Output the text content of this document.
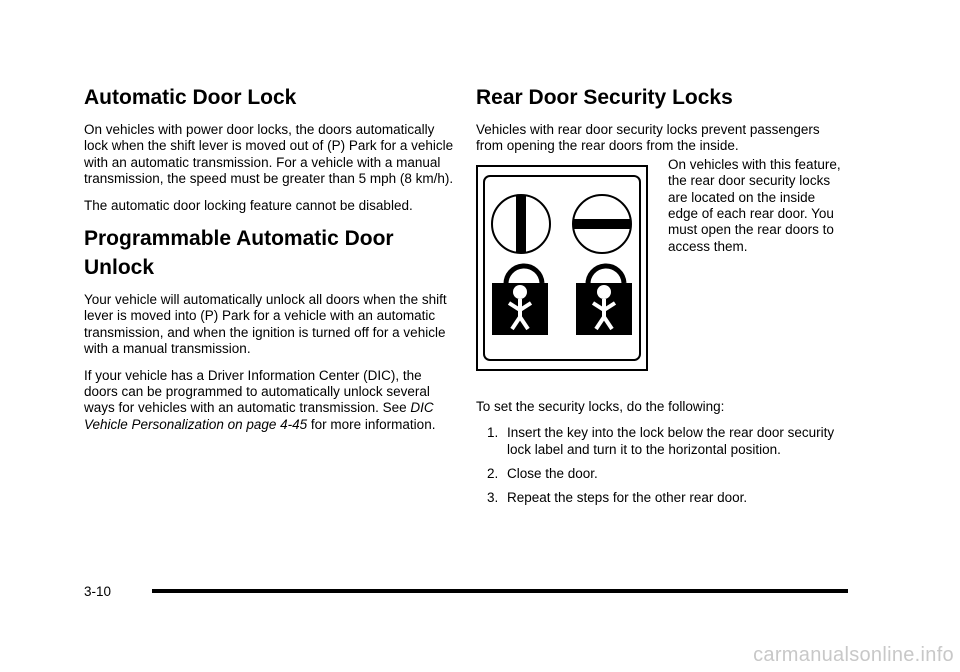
Automatic Door Lock

On vehicles with power door locks, the doors automatically lock when the shift lever is moved out of (P) Park for a vehicle with an automatic transmission. For a vehicle with a manual transmission, the speed must be greater than 5 mph (8 km/h).

The automatic door locking feature cannot be disabled.

Programmable Automatic Door Unlock

Your vehicle will automatically unlock all doors when the shift lever is moved into (P) Park for a vehicle with an automatic transmission, and when the ignition is turned off for a vehicle with a manual transmission.

If your vehicle has a Driver Information Center (DIC), the doors can be programmed to automatically unlock several ways for vehicles with an automatic transmission. See DIC Vehicle Personalization on page 4-45 for more information.

Rear Door Security Locks

Vehicles with rear door security locks prevent passengers from opening the rear doors from the inside.

On vehicles with this feature, the rear door security locks are located on the inside edge of each rear door. You must open the rear doors to access them.

To set the security locks, do the following:

1. Insert the key into the lock below the rear door security lock label and turn it to the horizontal position.
2. Close the door.
3. Repeat the steps for the other rear door.
3-10
carmanualsonline.info
